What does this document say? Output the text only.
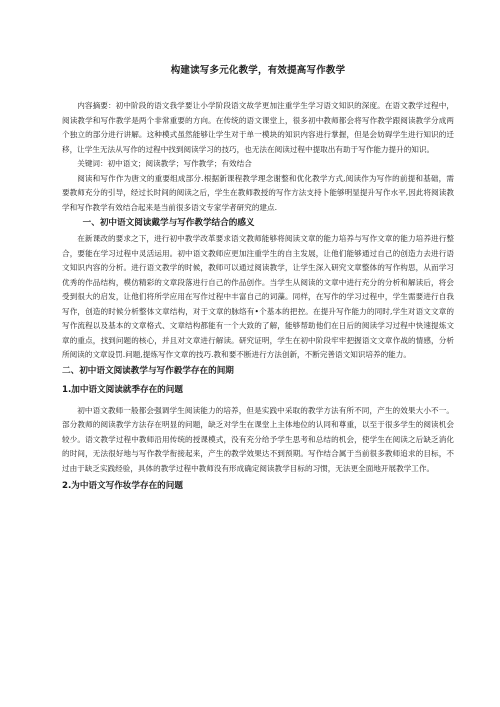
构建读写多元化教学，有效提高写作教学

内容摘要：初中阶段的语文我学要让小学阶段语文故学更加注重学生学习语文知识的深度。在语文教学过程中，阅读教学和写作教学是两个非常重要的方向。在传统的语文课堂上，很多初中教师都会将写作教学跟阅读教学分成两个独立的部分进行讲解。这种模式虽然能够让学生对于单一模块的知识内容进行掌握，但是会妨碍学生进行知识的迁移，让学生无法从写作的过程中找到阅读学习的技巧，也无法在阅读过程中提取出有助于写作能力提升的知识。

关键词：初中语文；阅读教学；写作教学；有效结合

阅读和写作作为唐文的重要组成部分.根据新课程教学理念谢整和优化教学方式,阅读作为写作的前提和基础，需要教师充分的引导，经过长时间的阅读之后，学生在教师教授的写作方法支持卜能够明显提升写作水平,因此将阅读教学和写作教学有效结合起来是当前很多语文专家学者研究的建点.

一、初中语文阅读戴学与写作教学结合的感义

在新课改的要求之下，进行初中教学改革要求语文教师能够将阅读文章的能力培养与写作文章的能力培养进行整合，要能在学习过程中灵活运用。初中语文教师应更加注重学生的自主发展，让他们能够通过自己的创造力去进行语文知识内容的分析。进行语文教学的时候，教师可以通过阅读教学，让学生深入研究文章整体的写作构思，从而学习优秀的作品结构，模仿精彩的文章段落进行自己的作品创作。当学生从阅读的文章中进行充分的分析和解读后，将会受到很大的启发，让他们将所学应用在写作过程中丰富自己的词藻。同样，在写作的学习过程中，学生需要进行自我写作，创造的时候分析整体文章结构，对于文章的脉络有•个基本的把控。在提升写作能力的同时,学生对语文文章的写作流程以及基本的文章格式、文章结构都能有一个大致的了解，能够帮助他们在日后的阅读学习过程中快速提炼文章的重点，找到问题的核心，并且对文章进行解读。研究证明，学生在初中阶段牢牢把握语文文章作战的情感，分析所阅读的文章设罚.问题,提炼写作文章的技巧.教和要不断进行方法创新，不断完善语文知识培养的能力。

二、初中语文阅读教学与写作毅学存在的间期
1.加中语文阅读就季存在的问题

初中语文教师一般都会强调学生阅读能力的培养，但是实践中采取的教学方法有所不同，产生的效果大小不一。部分教师的阅读教学方法存在明显的问题，缺乏对学生在课堂上主体地位的认同和尊重，以至于很多学生的阅读机会较少。语文教学过程中教师沿用传统的授课模式，没有充分给予学生思考和总结的机会，使学生在阅读之后缺乏消化的时间，无法很好地与写作教学衔接起来，产生的教学效果达不到预期。写作结合属于当前很多教师追求的目标，不过由于缺乏实践经验，具体的教学过程中教师没有形成确定阅读教学目标的习惯，无法更全面地开展教学工作。

2.为中语文写作妆学存在的问题
